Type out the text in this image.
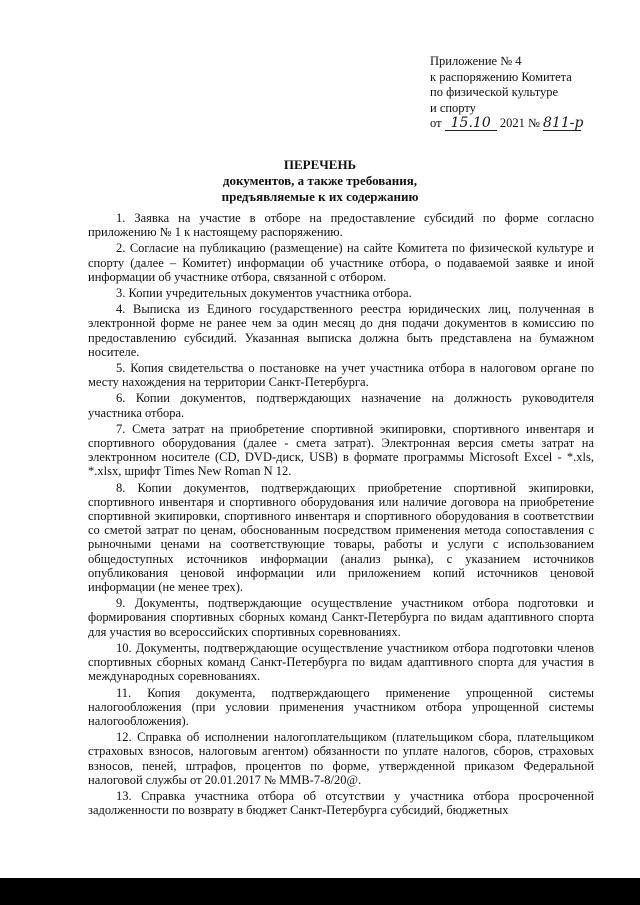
Приложение № 4
к распоряжению Комитета
по физической культуре
и спорту
от 15.10 2021 № 811-р
ПЕРЕЧЕНЬ
документов, а также требования,
предъявляемые к их содержанию

1. Заявка на участие в отборе на предоставление субсидий по форме согласно приложению № 1 к настоящему распоряжению.

2. Согласие на публикацию (размещение) на сайте Комитета по физической культуре и спорту (далее – Комитет) информации об участнике отбора, о подаваемой заявке и иной информации об участнике отбора, связанной с отбором.

3. Копии учредительных документов участника отбора.

4. Выписка из Единого государственного реестра юридических лиц, полученная в электронной форме не ранее чем за один месяц до дня подачи документов в комиссию по предоставлению субсидий. Указанная выписка должна быть представлена на бумажном носителе.

5. Копия свидетельства о постановке на учет участника отбора в налоговом органе по месту нахождения на территории Санкт-Петербурга.

6. Копии документов, подтверждающих назначение на должность руководителя участника отбора.

7. Смета затрат на приобретение спортивной экипировки, спортивного инвентаря и спортивного оборудования (далее - смета затрат). Электронная версия сметы затрат на электронном носителе (CD, DVD-диск, USB) в формате программы Microsoft Excel - *.xls, *.xlsx, шрифт Times New Roman N 12.

8. Копии документов, подтверждающих приобретение спортивной экипировки, спортивного инвентаря и спортивного оборудования или наличие договора на приобретение спортивной экипировки, спортивного инвентаря и спортивного оборудования в соответствии со сметой затрат по ценам, обоснованным посредством применения метода сопоставления с рыночными ценами на соответствующие товары, работы и услуги с использованием общедоступных источников информации (анализ рынка), с указанием источников опубликования ценовой информации или приложением копий источников ценовой информации (не менее трех).

9. Документы, подтверждающие осуществление участником отбора подготовки и формирования спортивных сборных команд Санкт-Петербурга по видам адаптивного спорта для участия во всероссийских спортивных соревнованиях.

10. Документы, подтверждающие осуществление участником отбора подготовки членов спортивных сборных команд Санкт-Петербурга по видам адаптивного спорта для участия в международных соревнованиях.

11. Копия документа, подтверждающего применение упрощенной системы налогообложения (при условии применения участником отбора упрощенной системы налогообложения).

12. Справка об исполнении налогоплательщиком (плательщиком сбора, плательщиком страховых взносов, налоговым агентом) обязанности по уплате налогов, сборов, страховых взносов, пеней, штрафов, процентов по форме, утвержденной приказом Федеральной налоговой службы от 20.01.2017 № ММВ-7-8/20@.

13. Справка участника отбора об отсутствии у участника отбора просроченной задолженности по возврату в бюджет Санкт-Петербурга субсидий, бюджетных
